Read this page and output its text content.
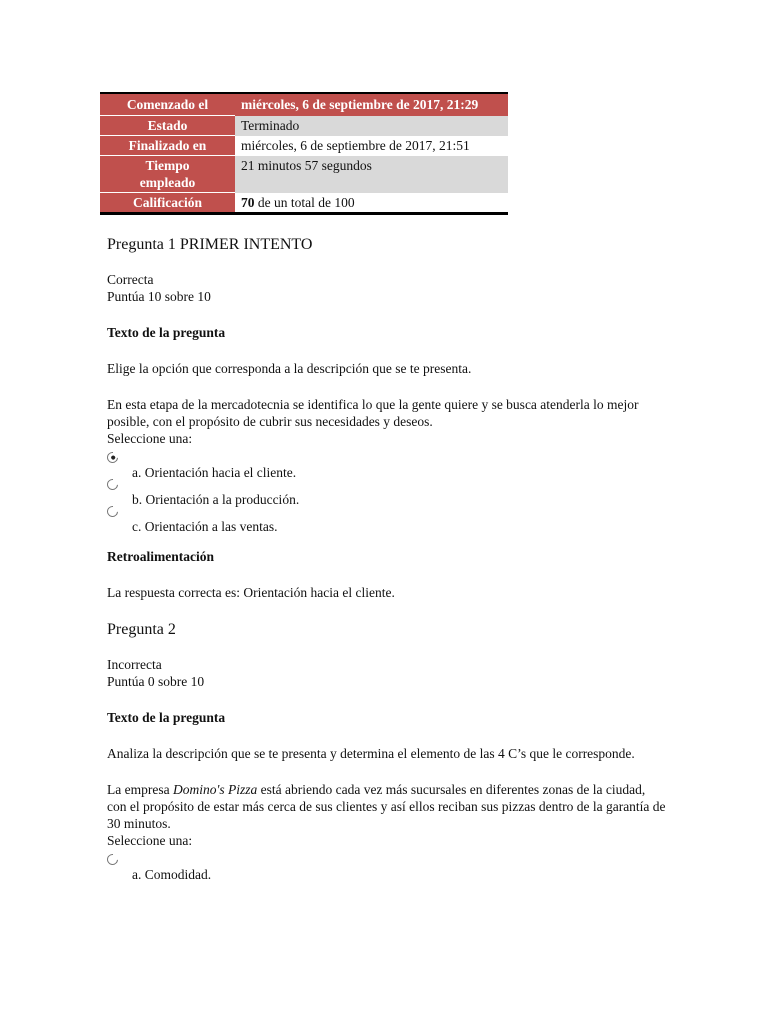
Comenzado el	miércoles, 6 de septiembre de 2017, 21:29
Estado	Terminado
Finalizado en	miércoles, 6 de septiembre de 2017, 21:51
Tiempo
empleado	21 minutos 57 segundos
Calificación	70 de un total de 100
Pregunta 1 PRIMER INTENTO

Correcta

Puntúa 10 sobre 10

Texto de la pregunta

Elige la opción que corresponda a la descripción que se te presenta.

En esta etapa de la mercadotecnia se identifica lo que la gente quiere y se busca atenderla lo mejor posible, con el propósito de cubrir sus necesidades y deseos.

Seleccione una:

a. Orientación hacia el cliente.
b. Orientación a la producción.
c. Orientación a las ventas.

Retroalimentación

La respuesta correcta es: Orientación hacia el cliente.

Pregunta 2

Incorrecta

Puntúa 0 sobre 10

Texto de la pregunta

Analiza la descripción que se te presenta y determina el elemento de las 4 C’s que le corresponde.

La empresa Domino's Pizza está abriendo cada vez más sucursales en diferentes zonas de la ciudad, con el propósito de estar más cerca de sus clientes y así ellos reciban sus pizzas dentro de la garantía de 30 minutos.

Seleccione una:

a. Comodidad.
